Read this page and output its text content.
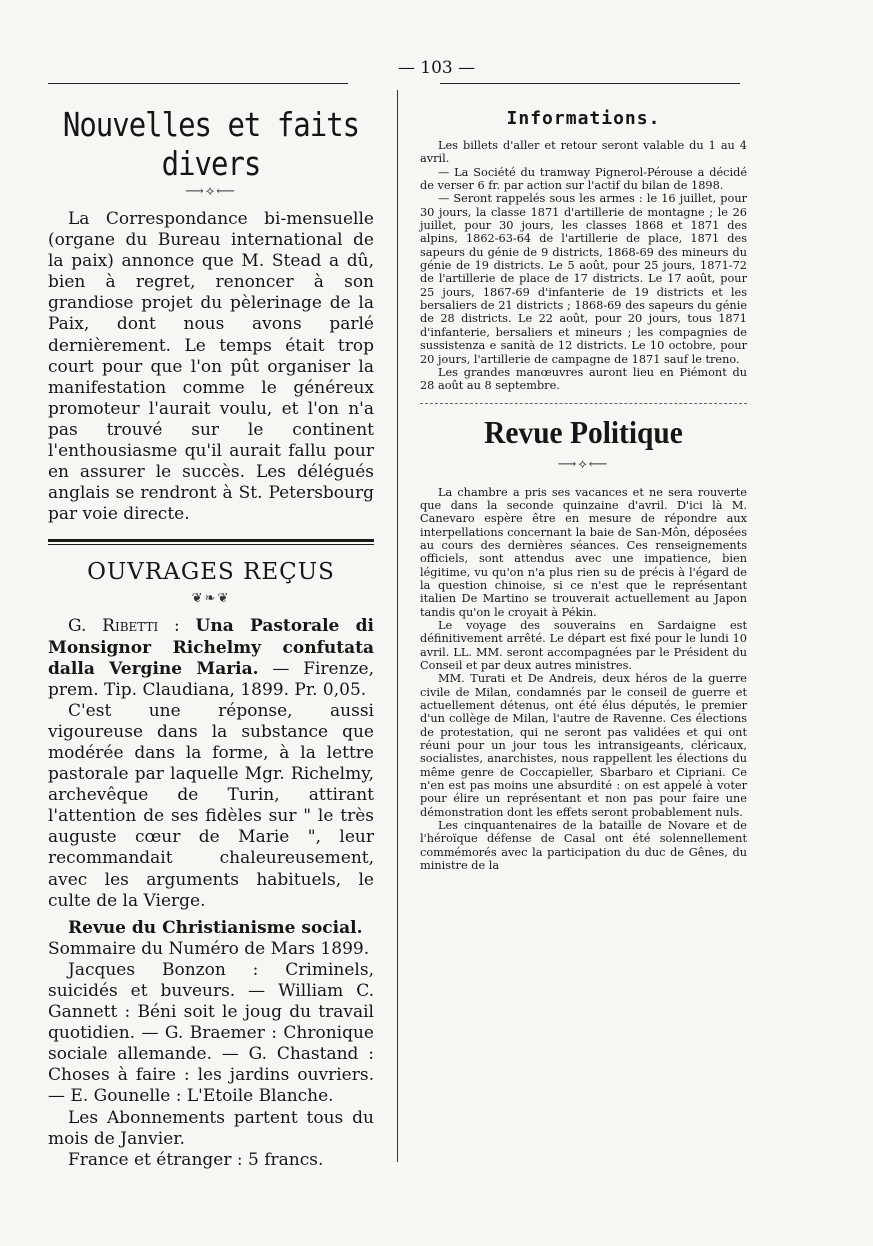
— 103 —
Nouvelles et faits divers
⟶⟡⟵

La Correspondance bi-mensuelle (organe du Bureau international de la paix) annonce que M. Stead a dû, bien à regret, renoncer à son grandiose projet du pèlerinage de la Paix, dont nous avons parlé dernièrement. Le temps était trop court pour que l'on pût organiser la manifestation comme le généreux promoteur l'aurait voulu, et l'on n'a pas trouvé sur le continent l'enthousiasme qu'il aurait fallu pour en assurer le succès. Les délégués anglais se rendront à St. Petersbourg par voie directe.

OUVRAGES REÇUS
❦❧❦

G. Ribetti : Una Pastorale di Monsignor Richelmy confutata dalla Vergine Maria. — Firenze, prem. Tip. Claudiana, 1899. Pr. 0,05.

C'est une réponse, aussi vigoureuse dans la substance que modérée dans la forme, à la lettre pastorale par laquelle Mgr. Richelmy, archevêque de Turin, attirant l'attention de ses fidèles sur " le très auguste cœur de Marie ", leur recommandait chaleureusement, avec les arguments habituels, le culte de la Vierge.

Revue du Christianisme social.

Sommaire du Numéro de Mars 1899.

Jacques Bonzon : Criminels, suicidés et buveurs. — William C. Gannett : Béni soit le joug du travail quotidien. — G. Braemer : Chronique sociale allemande. — G. Chastand : Choses à faire : les jardins ouvriers. — E. Gounelle : L'Etoile Blanche.

Les Abonnements partent tous du mois de Janvier.

France et étranger : 5 francs.

Informations.

Les billets d'aller et retour seront valable du 1 au 4 avril.

— La Société du tramway Pignerol-Pérouse a décidé de verser 6 fr. par action sur l'actif du bilan de 1898.

— Seront rappelés sous les armes : le 16 juillet, pour 30 jours, la classe 1871 d'artillerie de montagne ; le 26 juillet, pour 30 jours, les classes 1868 et 1871 des alpins, 1862-63-64 de l'artillerie de place, 1871 des sapeurs du génie de 9 districts, 1868-69 des mineurs du génie de 19 districts. Le 5 août, pour 25 jours, 1871-72 de l'artillerie de place de 17 districts. Le 17 août, pour 25 jours, 1867-69 d'infanterie de 19 districts et les bersaliers de 21 districts ; 1868-69 des sapeurs du génie de 28 districts. Le 22 août, pour 20 jours, tous 1871 d'infanterie, bersaliers et mineurs ; les compagnies de sussistenza e sanità de 12 districts. Le 10 octobre, pour 20 jours, l'artillerie de campagne de 1871 sauf le treno.

Les grandes manœuvres auront lieu en Piémont du 28 août au 8 septembre.

Revue Politique
⟶⟡⟵

La chambre a pris ses vacances et ne sera rouverte que dans la seconde quinzaine d'avril. D'ici là M. Canevaro espère être en mesure de répondre aux interpellations concernant la baie de San-Môn, déposées au cours des dernières séances. Ces renseignements officiels, sont attendus avec une impatience, bien légitime, vu qu'on n'a plus rien su de précis à l'égard de la question chinoise, si ce n'est que le représentant italien De Martino se trouverait actuellement au Japon tandis qu'on le croyait à Pékin.

Le voyage des souverains en Sardaigne est définitivement arrêté. Le départ est fixé pour le lundi 10 avril. LL. MM. seront accompagnées par le Président du Conseil et par deux autres ministres.

MM. Turati et De Andreis, deux héros de la guerre civile de Milan, condamnés par le conseil de guerre et actuellement détenus, ont été élus députés, le premier d'un collège de Milan, l'autre de Ravenne. Ces élections de protestation, qui ne seront pas validées et qui ont réuni pour un jour tous les intransigeants, cléricaux, socialistes, anarchistes, nous rappellent les élections du même genre de Coccapieller, Sbarbaro et Cipriani. Ce n'en est pas moins une absurdité : on est appelé à voter pour élire un représentant et non pas pour faire une démonstration dont les effets seront probablement nuls.

Les cinquantenaires de la bataille de Novare et de l'héroïque défense de Casal ont été solennellement commémorés avec la participation du duc de Gênes, du ministre de la
